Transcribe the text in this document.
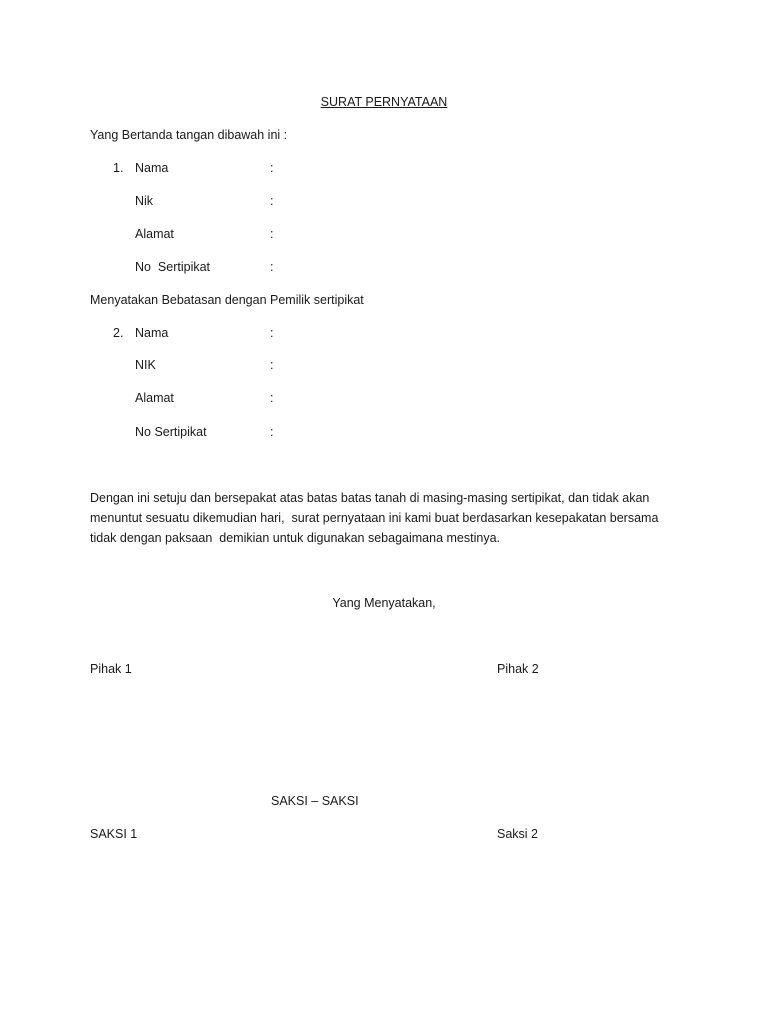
SURAT PERNYATAAN
Yang Bertanda tangan dibawah ini :
1. Nama	:
Nik	:
Alamat	:
No  Sertipikat	:
Menyatakan Bebatasan dengan Pemilik sertipikat
2. Nama	:
NIK	:
Alamat	:
No Sertipikat	:
Dengan ini setuju dan bersepakat atas batas batas tanah di masing-masing sertipikat, dan tidak akan menuntut sesuatu dikemudian hari,  surat pernyataan ini kami buat berdasarkan kesepakatan bersama tidak dengan paksaan  demikian untuk digunakan sebagaimana mestinya.
Yang Menyatakan,
Pihak 1	Pihak 2
SAKSI – SAKSI
SAKSI 1	Saksi 2
